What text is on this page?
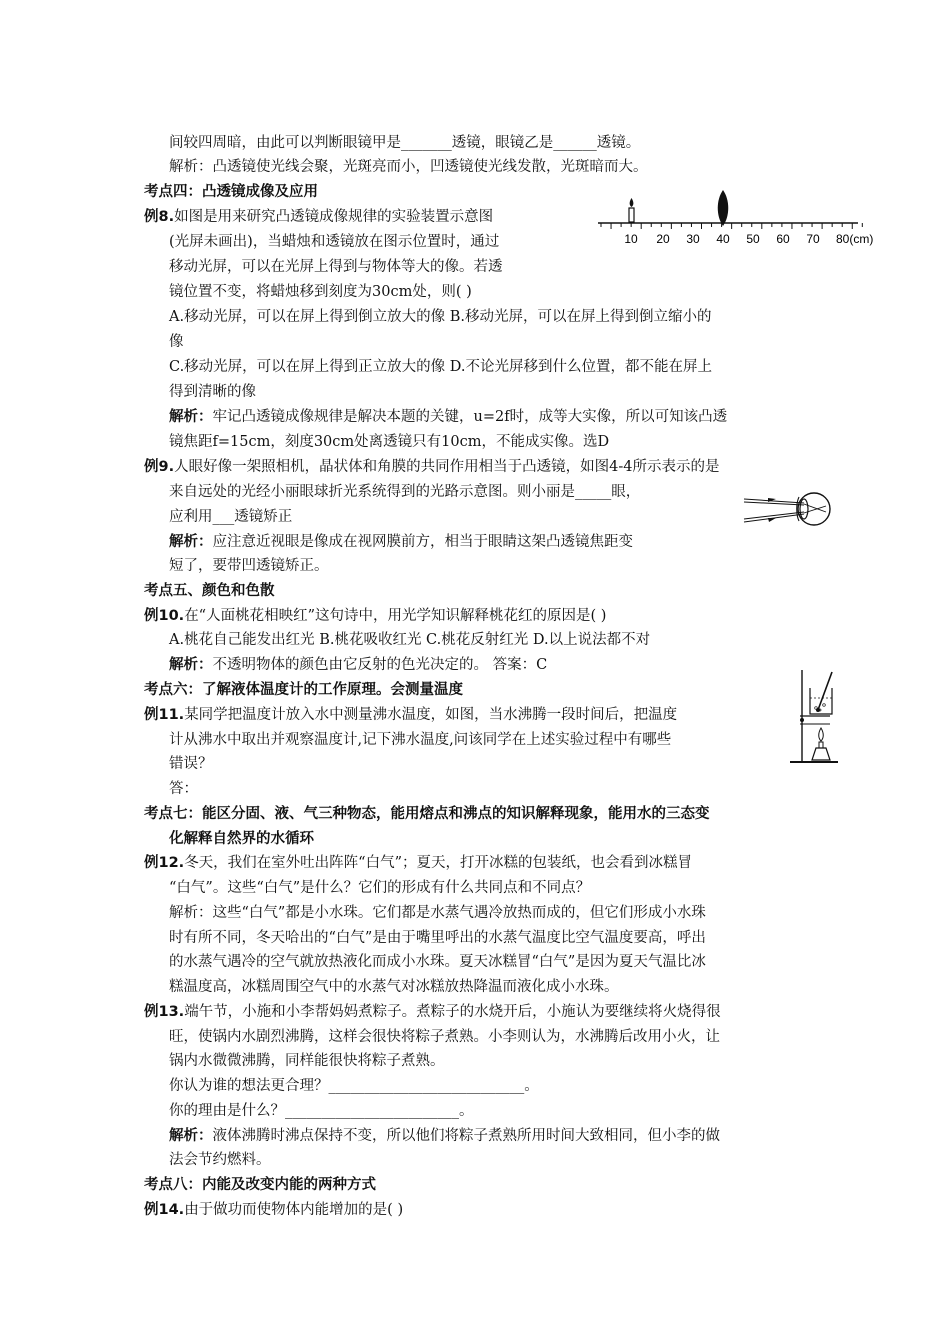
间较四周暗，由此可以判断眼镜甲是_______透镜，眼镜乙是______透镜。
解析：凸透镜使光线会聚，光斑亮而小，凹透镜使光线发散，光斑暗而大。
考点四：凸透镜成像及应用
例8.如图是用来研究凸透镜成像规律的实验装置示意图
(光屏未画出)，当蜡烛和透镜放在图示位置时，通过
移动光屏，可以在光屏上得到与物体等大的像。若透
镜位置不变，将蜡烛移到刻度为30cm处，则( )
A.移动光屏，可以在屏上得到倒立放大的像 B.移动光屏，可以在屏上得到倒立缩小的
像
C.移动光屏，可以在屏上得到正立放大的像 D.不论光屏移到什么位置，都不能在屏上
得到清晰的像
解析：牢记凸透镜成像规律是解决本题的关键，u=2f时，成等大实像，所以可知该凸透
镜焦距f=15cm，刻度30cm处离透镜只有10cm，不能成实像。选D
例9.人眼好像一架照相机，晶状体和角膜的共同作用相当于凸透镜，如图4-4所示表示的是
来自远处的光经小丽眼球折光系统得到的光路示意图。则小丽是_____眼，
应利用___透镜矫正
解析：应注意近视眼是像成在视网膜前方，相当于眼睛这架凸透镜焦距变
短了，要带凹透镜矫正。
考点五、颜色和色散
例10.在“人面桃花相映红”这句诗中，用光学知识解释桃花红的原因是( )
A.桃花自己能发出红光 B.桃花吸收红光 C.桃花反射红光 D.以上说法都不对
解析：不透明物体的颜色由它反射的色光决定的。 答案：C
考点六：了解液体温度计的工作原理。会测量温度
例11.某同学把温度计放入水中测量沸水温度，如图，当水沸腾一段时间后，把温度
计从沸水中取出并观察温度计,记下沸水温度,问该同学在上述实验过程中有哪些
错误？
答：
考点七：能区分固、液、气三种物态，能用熔点和沸点的知识解释现象，能用水的三态变
化解释自然界的水循环
例12.冬天，我们在室外吐出阵阵“白气”；夏天，打开冰糕的包装纸，也会看到冰糕冒
“白气”。这些“白气”是什么？它们的形成有什么共同点和不同点？
解析：这些“白气”都是小水珠。它们都是水蒸气遇冷放热而成的，但它们形成小水珠
时有所不同，冬天哈出的“白气”是由于嘴里呼出的水蒸气温度比空气温度要高，呼出
的水蒸气遇冷的空气就放热液化而成小水珠。夏天冰糕冒“白气”是因为夏天气温比冰
糕温度高，冰糕周围空气中的水蒸气对冰糕放热降温而液化成小水珠。
例13.端午节，小施和小李帮妈妈煮粽子。煮粽子的水烧开后，小施认为要继续将火烧得很
旺，使锅内水剧烈沸腾，这样会很快将粽子煮熟。小李则认为，水沸腾后改用小火，让
锅内水微微沸腾，同样能很快将粽子煮熟。
你认为谁的想法更合理？___________________________。
你的理由是什么？________________________。
解析：液体沸腾时沸点保持不变，所以他们将粽子煮熟所用时间大致相同，但小李的做
法会节约燃料。
考点八：内能及改变内能的两种方式
例14.由于做功而使物体内能增加的是( )
10 20 30 40 50 60 70 80(cm)
